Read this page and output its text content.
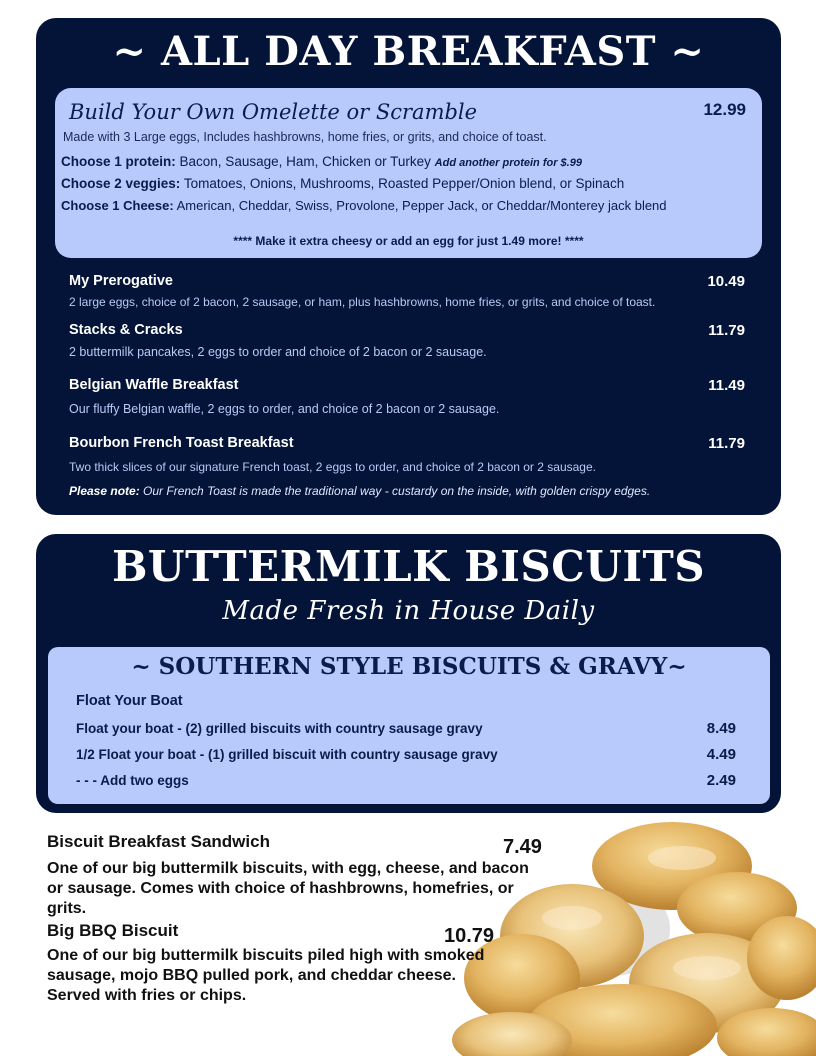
~ ALL DAY BREAKFAST ~
Build Your Own Omelette or Scramble	12.99
Made with 3 Large eggs, Includes hashbrowns, home fries, or grits, and choice of toast.
Choose 1 protein: Bacon, Sausage, Ham, Chicken or Turkey Add another protein for $.99
Choose 2 veggies: Tomatoes, Onions, Mushrooms, Roasted Pepper/Onion blend, or Spinach
Choose 1 Cheese: American, Cheddar, Swiss, Provolone, Pepper Jack, or Cheddar/Monterey jack blend
**** Make it extra cheesy or add an egg for just 1.49 more! ****
My Prerogative	10.49
2 large eggs, choice of 2 bacon, 2 sausage, or ham, plus hashbrowns, home fries, or grits, and choice of toast.
Stacks & Cracks	11.79
2 buttermilk pancakes, 2 eggs to order and choice of 2 bacon or 2 sausage.
Belgian Waffle Breakfast	11.49
Our fluffy Belgian waffle, 2 eggs to order, and choice of 2 bacon or 2 sausage.
Bourbon French Toast Breakfast	11.79
Two thick slices of our signature French toast, 2 eggs to order, and choice of 2 bacon or 2 sausage.
Please note: Our French Toast is made the traditional way - custardy on the inside, with golden crispy edges.
BUTTERMILK BISCUITS
Made Fresh in House Daily
~ SOUTHERN STYLE BISCUITS & GRAVY~
Float Your Boat
Float your boat - (2) grilled biscuits with country sausage gravy	8.49
1/2 Float your boat - (1) grilled biscuit with country sausage gravy	4.49
- - - Add two eggs	2.49
Biscuit Breakfast Sandwich	7.49
One of our big buttermilk biscuits, with egg, cheese, and bacon or sausage. Comes with choice of hashbrowns, homefries, or grits.
Big BBQ Biscuit	10.79
One of our big buttermilk biscuits piled high with smoked sausage, mojo BBQ pulled pork, and cheddar cheese. Served with fries or chips.
